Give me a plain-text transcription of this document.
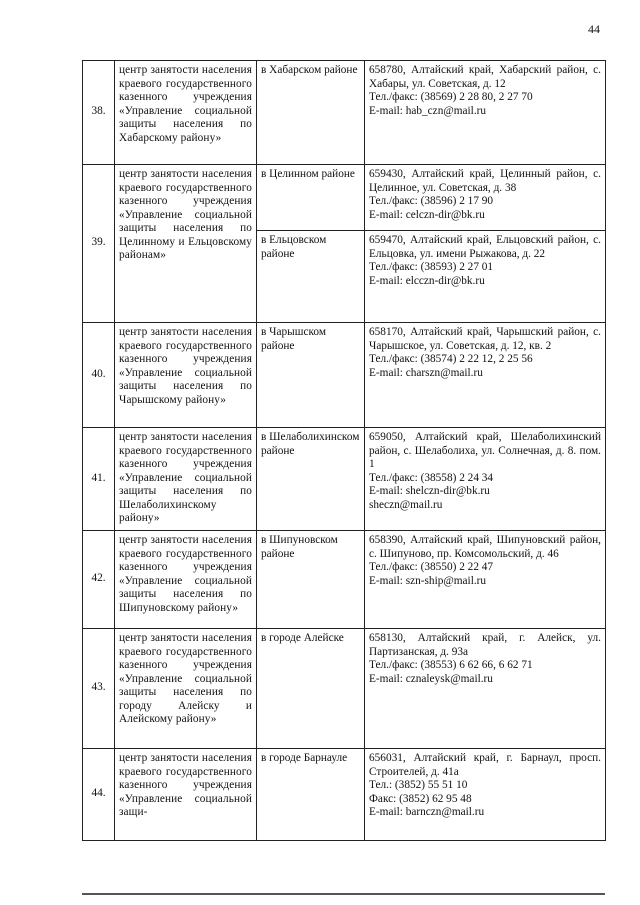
44
38.	центр занятости населения краевого государственного казенного учреждения «Управление социальной защиты населения по Хабарскому району»	в Хабарском районе	658780, Алтайский край, Хабарский район, с. Хабары, ул. Советская, д. 12
Тел./факс: (38569) 2 28 80, 2 27 70
E-mail: hab_czn@mail.ru

39.	центр занятости населения краевого государственного казенного учреждения «Управление социальной защиты населения по Целинному и Ельцовскому районам»	в Целинном районе	659430, Алтайский край, Целинный район, с. Целинное, ул. Советская, д. 38
Тел./факс: (38596) 2 17 90
E-mail: celczn-dir@bk.ru

		в Ельцовском районе	659470, Алтайский край, Ельцовский район, с. Ельцовка, ул. имени Рыжакова, д. 22
Тел./факс: (38593) 2 27 01
E-mail: elcczn-dir@bk.ru

40.	центр занятости населения краевого государственного казенного учреждения «Управление социальной защиты населения по Чарышскому району»	в Чарышском районе	658170, Алтайский край, Чарышский район, с. Чарышское, ул. Советская, д. 12, кв. 2
Тел./факс: (38574) 2 22 12, 2 25 56
E-mail: charszn@mail.ru

41.	центр занятости населения краевого государственного казенного учреждения «Управление социальной защиты населения по Шелаболихинскому району»	в Шелаболихинском районе	659050, Алтайский край, Шелаболихинский район, с. Шелаболиха, ул. Солнечная, д. 8. пом. 1
Тел./факс: (38558) 2 24 34
E-mail: shelczn-dir@bk.ru
sheczn@mail.ru

42.	центр занятости населения краевого государственного казенного учреждения «Управление социальной защиты населения по Шипуновскому району»	в Шипуновском районе	658390, Алтайский край, Шипуновский район, с. Шипуново, пр. Комсомольский, д. 46
Тел./факс: (38550) 2 22 47
E-mail: szn-ship@mail.ru

43.	центр занятости населения краевого государственного казенного учреждения «Управление социальной защиты населения по городу Алейску и Алейскому району»	в городе Алейске	658130, Алтайский край, г. Алейск, ул. Партизанская, д. 93а
Тел./факс: (38553) 6 62 66, 6 62 71
E-mail: cznaleysk@mail.ru

44.	центр занятости населения краевого государственного казенного учреждения «Управление социальной защи-	в городе Барнауле	656031, Алтайский край, г. Барнаул, просп. Строителей, д. 41а
Тел.: (3852) 55 51 10
Факс: (3852) 62 95 48
E-mail: barnczn@mail.ru
